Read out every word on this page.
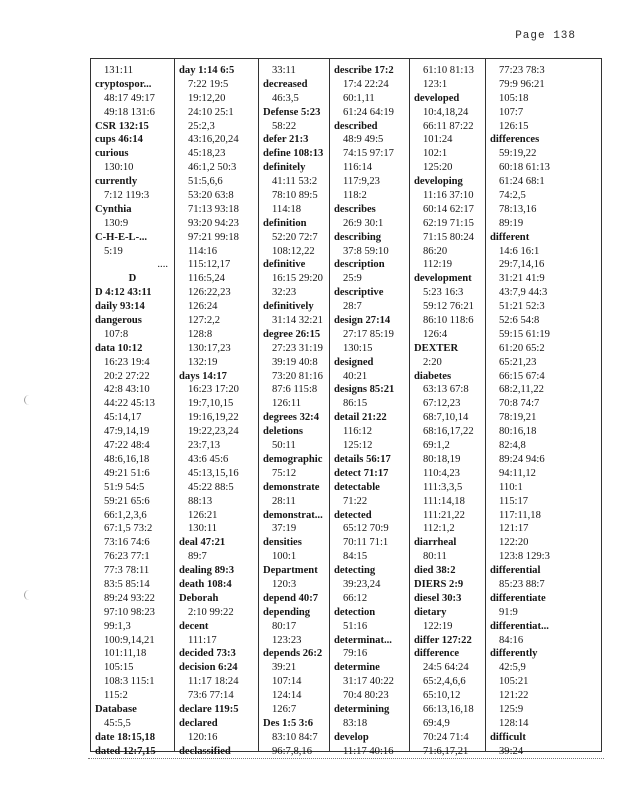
Page 138
131:11
cryptospor...
48:17 49:17
49:18 131:6
CSR 132:15
cups 46:14
curious
130:10
currently
7:12 119:3
Cynthia
130:9
C-H-E-L-...
5:19
....
D
D 4:12 43:11
daily 93:14
dangerous
107:8
data 10:12
16:23 19:4
20:2 27:22
42:8 43:10
44:22 45:13
45:14,17
47:9,14,19
47:22 48:4
48:6,16,18
49:21 51:6
51:9 54:5
59:21 65:6
66:1,2,3,6
67:1,5 73:2
73:16 74:6
76:23 77:1
77:3 78:11
83:5 85:14
89:24 93:22
97:10 98:23
99:1,3
100:9,14,21
101:11,18
105:15
108:3 115:1
115:2
Database
45:5,5
date 18:15,18
dated 12:7,15
day 1:14 6:5
7:22 19:5
19:12,20
24:10 25:1
25:2,3
43:16,20,24
45:18,23
46:1,2 50:3
51:5,6,6
53:20 63:8
71:13 93:18
93:20 94:23
97:21 99:18
114:16
115:12,17
116:5,24
126:22,23
126:24
127:2,2
128:8
130:17,23
132:19
days 14:17
16:23 17:20
19:7,10,15
19:16,19,22
19:22,23,24
23:7,13
43:6 45:6
45:13,15,16
45:22 88:5
88:13
126:21
130:11
deal 47:21
89:7
dealing 89:3
death 108:4
Deborah
2:10 99:22
decent
111:17
decided 73:3
decision 6:24
11:17 18:24
73:6 77:14
declare 119:5
declared
120:16
declassified
33:11
decreased
46:3,5
Defense 5:23
58:22
defer 21:3
define 108:13
definitely
41:11 53:2
78:10 89:5
114:18
definition
52:20 72:7
108:12,22
definitive
16:15 29:20
32:23
definitively
31:14 32:21
degree 26:15
27:23 31:19
39:19 40:8
73:20 81:16
87:6 115:8
126:11
degrees 32:4
deletions
50:11
demographic
75:12
demonstrate
28:11
demonstrat...
37:19
densities
100:1
Department
120:3
depend 40:7
depending
80:17
123:23
depends 26:2
39:21
107:14
124:14
126:7
Des 1:5 3:6
83:10 84:7
96:7,8,16
describe 17:2
17:4 22:24
60:1,11
61:24 64:19
described
48:9 49:5
74:15 97:17
116:14
117:9,23
118:2
describes
26:9 30:1
describing
37:8 59:10
description
25:9
descriptive
28:7
design 27:14
27:17 85:19
130:15
designed
40:21
designs 85:21
86:15
detail 21:22
116:12
125:12
details 56:17
detect 71:17
detectable
71:22
detected
65:12 70:9
70:11 71:1
84:15
detecting
39:23,24
66:12
detection
51:16
determinat...
79:16
determine
31:17 40:22
70:4 80:23
determining
83:18
develop
11:17 40:16
61:10 81:13
123:1
developed
10:4,18,24
66:11 87:22
101:24
102:1
125:20
developing
11:16 37:10
60:14 62:17
62:19 71:15
71:15 80:24
86:20
112:19
development
5:23 16:3
59:12 76:21
86:10 118:6
126:4
DEXTER
2:20
diabetes
63:13 67:8
67:12,23
68:7,10,14
68:16,17,22
69:1,2
80:18,19
110:4,23
111:3,3,5
111:14,18
111:21,22
112:1,2
diarrheal
80:11
died 38:2
DIERS 2:9
diesel 30:3
dietary
122:19
differ 127:22
difference
24:5 64:24
65:2,4,6,6
65:10,12
66:13,16,18
69:4,9
70:24 71:4
71:6,17,21
77:23 78:3
79:9 96:21
105:18
107:7
126:15
differences
59:19,22
60:18 61:13
61:24 68:1
74:2,5
78:13,16
89:19
different
14:6 16:1
29:7,14,16
31:21 41:9
43:7,9 44:3
51:21 52:3
52:6 54:8
59:15 61:19
61:20 65:2
65:21,23
66:15 67:4
68:2,11,22
70:8 74:7
78:19,21
80:16,18
82:4,8
89:24 94:6
94:11,12
110:1
115:17
117:11,18
121:17
122:20
123:8 129:3
differential
85:23 88:7
differentiate
91:9
differentiat...
84:16
differently
42:5,9
105:21
121:22
125:9
128:14
difficult
39:24
